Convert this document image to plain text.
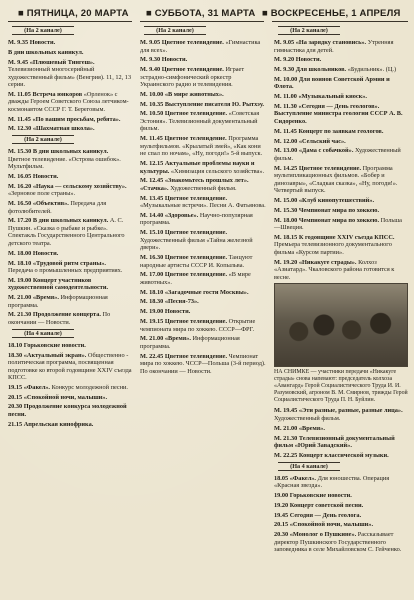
■ ПЯТНИЦА, 20 МАРТА ■ СУББОТА, 31 МАРТА ■ ВОСКРЕСЕНЬЕ, 1 АПРЕЛЯ
(На 2 канале)
М. 9.35 Новости.
В дни школьных каникул.
М. 9.45 «Плюшевый Тингеш». Телевизионный многосерийный художественный фильм» (Венгрия). 11, 12, 13 серии.
М. 11.05 Встреча юнкоров «Орленок» с дважды Героем Советского Союза летчиком-космонавтом СССР Г. Т. Береговым.
М. 11.45 «По вашим просьбам, ребята».
М. 12.30 «Шахматная школа».
(На 2 канале)
М. 15.30 В дни школьных каникул. Цветное телевидение. «Острова ошибок». Мультфильм.
М. 16.05 Новости.
М. 16.20 «Наука — сельскому хозяйству». «Зерновое поле страны».
М. 16.50 «Объектив». Передача для фотолюбителей.
М. 17.20 В дни школьных каникул. А. С. Пушкин. «Сказка о рыбаке и рыбке». Спектакль Государственного Центрального детского театра.
М. 18.00 Новости.
М. 18.10 «Трудовой ритм страны». Передача о промышленных предприятиях.
М. 19.00 Концерт участников художественной самодеятельности.
М. 21.00 «Время». Информационная программа.
М. 21.30 Продолжение концерта. По окончании — Новости.
(На 4 канале)
18.10 Горьковские новости.
18.30 «Актуальный экран». Общественно - политическая программа, посвященная подготовке ко второй годовщине XXIV съезда КПСС.
19.15 «Факел». Конкурс молодежной песни.
20.15 «Спокойной ночи, малыши».
20.30 Продолжение конкурса молодежной песни.
21.15 Апрельская кинофрика.
(На 2 канале)
М. 9.05 Цветное телевидение. «Гимнастика для всех».
М. 9.30 Новости.
М. 9.40 Цветное телевидение. Играет эстрадно-симфонический оркестр Украинского радио и телевидения.
М. 10.00 «В мире животных».
М. 10.35 Выступление писателя Ю. Рытхэу.
М. 10.50 Цветное телевидение. «Советская Эстония». Телевизионный документальный фильм.
М. 11.45 Цветное телевидение. Программа мультфильмов. «Крылатый змей», «Как кони не спал по ночам», «Ну, погоди!» 5-й выпуск.
М. 12.15 Актуальные проблемы науки и культуры. «Химизация сельского хозяйства».
М. 12.45 «Знакомьтесь прошлых лет». «Стачка». Художественный фильм.
М. 13.45 Цветное телевидение. «Музыкальные встречи». Песни А. Фатьянова.
М. 14.40 «Здоровье». Научно-популярная программа.
М. 15.10 Цветное телевидение. Художественный фильм «Тайна железной двери».
М. 16.30 Цветное телевидение. Танцуют народные артисты СССР И. Копыльва.
М. 17.00 Цветное телевидение. «В мире животных».
М. 18.10 «Загадочные гости Москвы».
М. 18.30 «Песня-73».
М. 19.00 Новости.
М. 19.15 Цветное телевидение. Открытие чемпионата мира по хоккею. СССР—ФРГ.
М. 21.00 «Время». Информационная программа.
М. 22.45 Цветное телевидение. Чемпионат мира по хоккею. ЧССР—Польша (3-й период). По окончании — Новости.
(На 2 канале)
М. 9.05 «На зарядку становись». Утренняя гимнастика для детей.
М. 9.20 Новости.
М. 9.30 Для школьников. «Будильник». (Ц.)
М. 10.00 Для воинов Советской Армии и Флота.
М. 11.00 «Музыкальный киоск».
М. 11.30 «Сегодня — День геологов». Выступление министра геологии СССР А. В. Сидоренко.
М. 11.45 Концерт по заявкам геологов.
М. 12.00 «Сельский час».
М. 13.00 «Дама с собачкой». Художественный фильм.
М. 14.25 Цветное телевидение. Программа мультипликационных фильмов. «Бобер и динозавры», «Сладкая сказка», «Ну, погоди!». Четвертый выпуск.
М. 15.00 «Клуб кинопутешествий».
М. 15.30 Чемпионат мира по хоккею.
М. 18.00 Чемпионат мира по хоккею. Польша—Швеция.
М. 18.15 К годовщине XXIV съезда КПСС. Премьера телевизионного документального фильма «Курсом партии».
М. 19.20 «Никакуге страды». Колхоз «Азиатард». Чкаловского района готовится к весне.
НА СНИМКЕ — участники передачи «Никакуге страды» снова напевают: председатель колхоза «Авангард» Герой Социалистического Труда И. И. Разумовский, агроном В. М. Смирнов, трижды Герой Социалистического Труда П. Н. Буйлин.
М. 19.45 «Эти разные, разные, разные лица». Художественный фильм.
М. 21.00 «Время».
М. 21.30 Телевизионный документальный фильм «Юрий Завадский».
М. 22.25 Концерт классической музыки.
(На 4 канале)
18.05 «Факел». Для юношества. Операция «Красная звезда».
19.00 Горьковские новости.
19.20 Концерт советской песни.
19.45 Сегодня — День геолога.
20.15 «Спокойной ночи, малыши».
20.30 «Монолог о Пушкине». Рассказывает директор Пушкинского Государственного заповедника в селе Михайловском С. Гейченко.
